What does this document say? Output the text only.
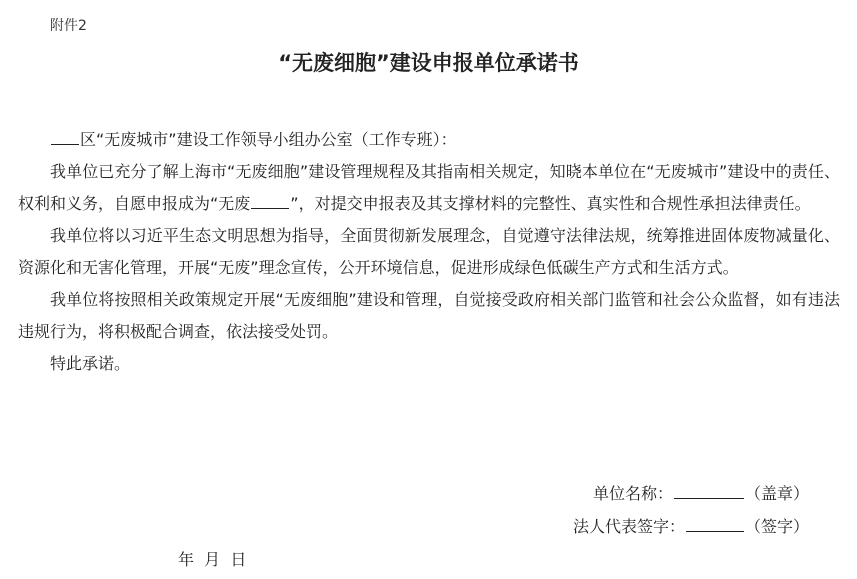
附件2
“无废细胞”建设申报单位承诺书

区“无废城市”建设工作领导小组办公室（工作专班）：

我单位已充分了解上海市“无废细胞”建设管理规程及其指南相关规定，知晓本单位在“无废城市”建设中的责任、权利和义务，自愿申报成为“无废	”，对提交申报表及其支撑材料的完整性、真实性和合规性承担法律责任。

我单位将以习近平生态文明思想为指导，全面贯彻新发展理念，自觉遵守法律法规，统筹推进固体废物减量化、资源化和无害化管理，开展“无废”理念宣传，公开环境信息，促进形成绿色低碳生产方式和生活方式。

我单位将按照相关政策规定开展“无废细胞”建设和管理，自觉接受政府相关部门监管和社会公众监督，如有违法违规行为，将积极配合调查，依法接受处罚。

特此承诺。

单位名称：	（盖章）
法人代表签字：	（签字）
年  月  日
